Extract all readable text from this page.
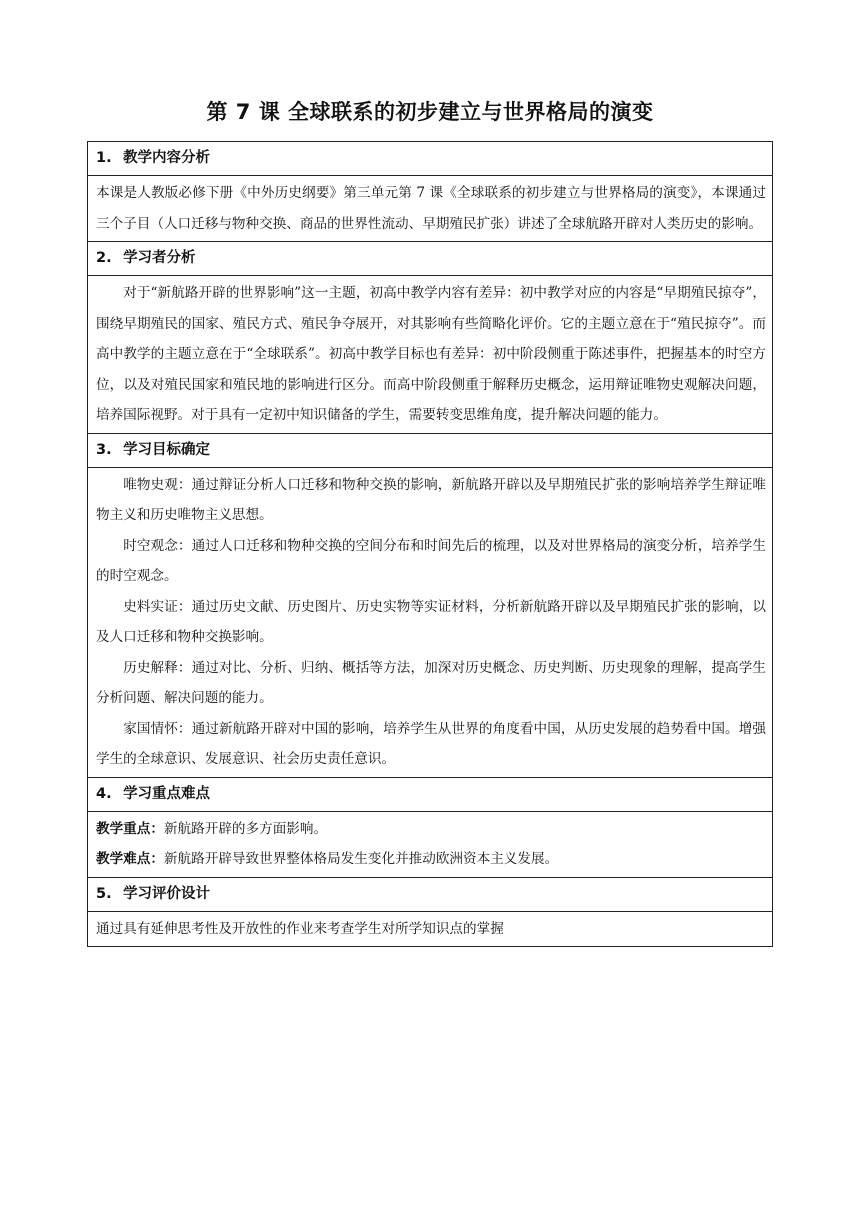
第 7 课 全球联系的初步建立与世界格局的演变
1. 教学内容分析

本课是人教版必修下册《中外历史纲要》第三单元第 7 课《全球联系的初步建立与世界格局的演变》，本课通过三个子目（人口迁移与物种交换、商品的世界性流动、早期殖民扩张）讲述了全球航路开辟对人类历史的影响。

2. 学习者分析

对于“新航路开辟的世界影响”这一主题，初高中教学内容有差异：初中教学对应的内容是“早期殖民掠夺”，围绕早期殖民的国家、殖民方式、殖民争夺展开，对其影响有些简略化评价。它的主题立意在于“殖民掠夺”。而高中教学的主题立意在于“全球联系”。初高中教学目标也有差异：初中阶段侧重于陈述事件，把握基本的时空方位，以及对殖民国家和殖民地的影响进行区分。而高中阶段侧重于解释历史概念，运用辩证唯物史观解决问题，培养国际视野。对于具有一定初中知识储备的学生，需要转变思维角度，提升解决问题的能力。

3. 学习目标确定

唯物史观：通过辩证分析人口迁移和物种交换的影响，新航路开辟以及早期殖民扩张的影响培养学生辩证唯物主义和历史唯物主义思想。

时空观念：通过人口迁移和物种交换的空间分布和时间先后的梳理，以及对世界格局的演变分析，培养学生的时空观念。

史料实证：通过历史文献、历史图片、历史实物等实证材料，分析新航路开辟以及早期殖民扩张的影响，以及人口迁移和物种交换影响。

历史解释：通过对比、分析、归纳、概括等方法，加深对历史概念、历史判断、历史现象的理解，提高学生分析问题、解决问题的能力。

家国情怀：通过新航路开辟对中国的影响，培养学生从世界的角度看中国，从历史发展的趋势看中国。增强学生的全球意识、发展意识、社会历史责任意识。

4. 学习重点难点

教学重点：新航路开辟的多方面影响。

教学难点：新航路开辟导致世界整体格局发生变化并推动欧洲资本主义发展。

5. 学习评价设计

通过具有延伸思考性及开放性的作业来考查学生对所学知识点的掌握
